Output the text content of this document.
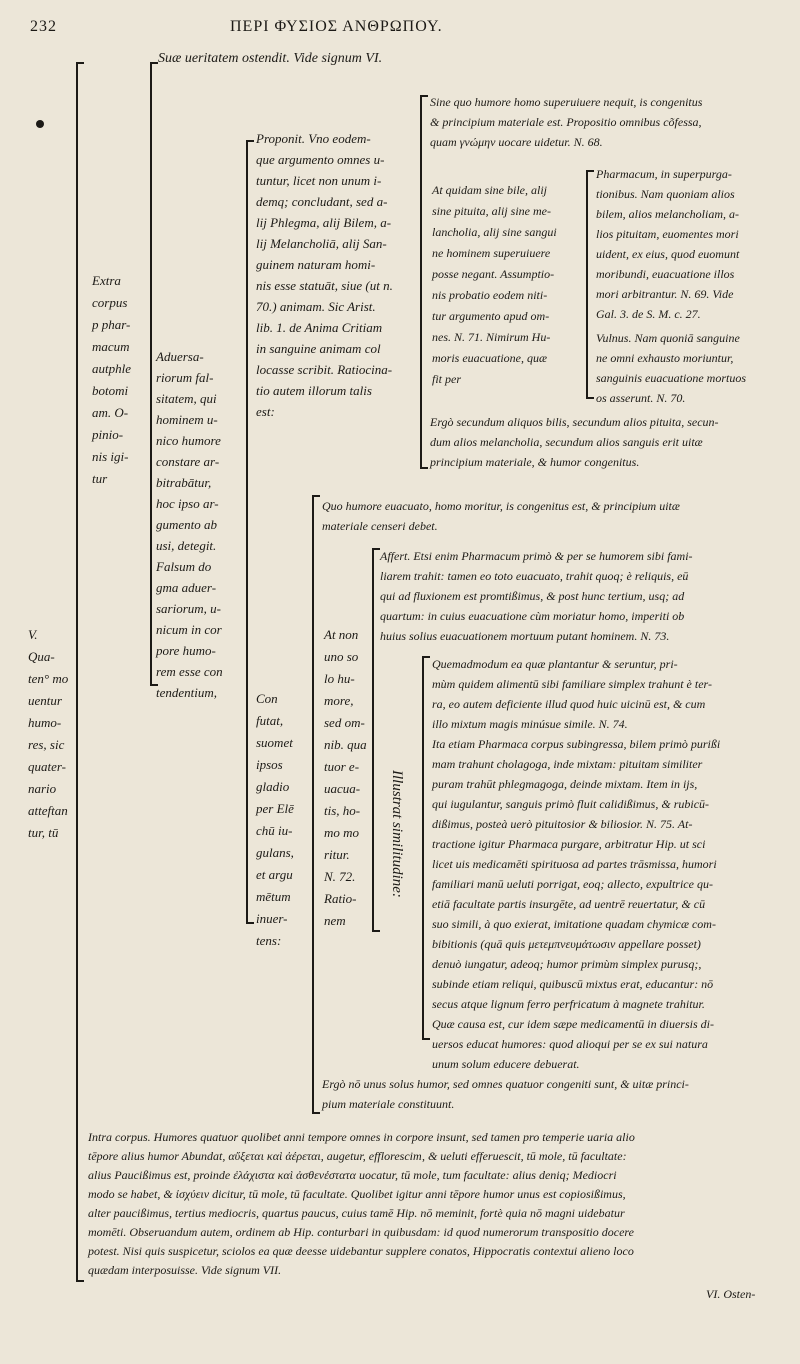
232	ΠΕΡΙ ΦΥΣΙΟΣ ΑΝΘΡΩΠΟΥ.
Suæ ueritatem ostendit. Vide signum VI.
V.
Qua-
ten° mo
uentur
humo-
res, sic
quater-
nario
atteftan
tur, tū
Extra
corpus
p phar-
macum
autphle
botomi
am. O-
pinio-
nis igi-
tur
Aduersa-
riorum fal-
sitatem, qui
hominem u-
nico humore
constare ar-
bitrabātur,
hoc ipso ar-
gumento ab
usi, detegit.
Falsum do
gma aduer-
sariorum, u-
nicum in cor
pore humo-
rem esse con
tendentium,
Proponit. Vno eodem-
que argumento omnes u-
tuntur, licet non unum i-
demq; concludant, sed a-
lij Phlegma, alij Bilem, a-
lij Melancholiā, alij San-
guinem naturam homi-
nis esse statuāt, siue (ut n.
70.) animam. Sic Arist.
lib. 1. de Anima Critiam
in sanguine animam col
locasse scribit. Ratiocina-
tio autem illorum talis
est:
Sine quo humore homo superuiuere nequit, is congenitus
& principium materiale est. Propositio omnibus cõfessa,
quam γνώμην uocare uidetur. N. 68.
At quidam sine bile, alij
sine pituita, alij sine me-
lancholia, alij sine sangui
ne hominem superuiuere
posse negant. Assumptio-
nis probatio eodem niti-
tur argumento apud om-
nes. N. 71. Nimirum Hu-
moris euacuatione, quæ
fit per
Pharmacum, in superpurga-
tionibus. Nam quoniam alios
bilem, alios melancholiam, a-
lios pituitam, euomentes mori
uident, ex eius, quod euomunt
moribundi, euacuatione illos
mori arbitrantur. N. 69. Vide
Gal. 3. de S. M. c. 27.
Vulnus. Nam quoniā sanguine
ne omni exhausto moriuntur,
sanguinis euacuatione mortuos
os asserunt. N. 70.
Ergò secundum aliquos bilis, secundum alios pituita, secun-
dum alios melancholia, secundum alios sanguis erit uitæ
principium materiale, & humor congenitus.
Con
futat,
suomet
ipsos
gladio
per Elē
chū iu-
gulans,
et argu
mētum
inuer-
tens:
Quo humore euacuato, homo moritur, is congenitus est, & principium uitæ
materiale censeri debet.
At non
uno so
lo hu-
more,
sed om-
nib. qua
tuor e-
uacua-
tis, ho-
mo mo
ritur.
N. 72.
Ratio-
nem
Illustrat similitudine:
Affert. Etsi enim Pharmacum primò & per se humorem sibi fami-
liarem trahit: tamen eo toto euacuato, trahit quoq; è reliquis, eū
qui ad fluxionem est promtißimus, & post hunc tertium, usq; ad
quartum: in cuius euacuatione cùm moriatur homo, imperiti ob
huius solius euacuationem mortuum putant hominem. N. 73.
Quemadmodum ea quæ plantantur & seruntur, pri-
mùm quidem alimentū sibi familiare simplex trahunt è ter-
ra, eo autem deficiente illud quod huic uicinū est, & cum
illo mixtum magis minúsue simile. N. 74.
Ita etiam Pharmaca corpus subingressa, bilem primò purißi
mam trahunt cholagoga, inde mixtam: pituitam similiter
puram trahūt phlegmagoga, deinde mixtam. Item in ijs,
qui iugulantur, sanguis primò fluit calidißimus, & rubicū-
dißimus, posteà uerò pituitosior & biliosior. N. 75. At-
tractione igitur Pharmaca purgare, arbitratur Hip. ut sci
licet uis medicamēti spirituosa ad partes trāsmissa, humori
familiari manū ueluti porrigat, eoq; allecto, expultrice qu-
etiā facultate partis insurgēte, ad uentrē reuertatur, & cū
suo simili, à quo exierat, imitatione quadam chymicæ com-
bibitionis (quā quis μετεμπνευμάτωσιν appellare posset)
denuò iungatur, adeoq; humor primùm simplex purusq;,
subinde etiam reliqui, quibuscū mixtus erat, educantur: nō
secus atque lignum ferro perfricatum à magnete trahitur.
Quæ causa est, cur idem sæpe medicamentū in diuersis di-
uersos educat humores: quod alioqui per se ex sui natura
unum solum educere debuerat.
Ergò nō unus solus humor, sed omnes quatuor congeniti sunt, & uitæ princi-
pium materiale constituunt.
Intra corpus. Humores quatuor quolibet anni tempore omnes in corpore insunt, sed tamen pro temperie uaria alio
tēpore alius humor Abundat, αὔξεται καὶ ἀέρεται, augetur, effloresciт, & ueluti efferuescit, tū mole, tū facultate:
alius Paucißimus est, proinde ἐλάχιστα καὶ ἀσθενέστατα uocatur, tū mole, tum facultate: alius deniq; Mediocri
modo se habet, & ἰσχύειν dicitur, tū mole, tū facultate. Quolibet igitur anni tēpore humor unus est copiosißimus,
alter paucißimus, tertius mediocris, quartus paucus, cuius tamē Hip. nō meminit, fortè quia nō magni uidebatur
momēti. Obseruandum autem, ordinem ab Hip. conturbari in quibusdam: id quod numerorum transpositio docere
potest. Nisi quis suspicetur, sciolos ea quæ deesse uidebantur supplere conatos, Hippocratis contextui alieno loco
quædam interposuisse. Vide signum VII.
VI. Osten-
